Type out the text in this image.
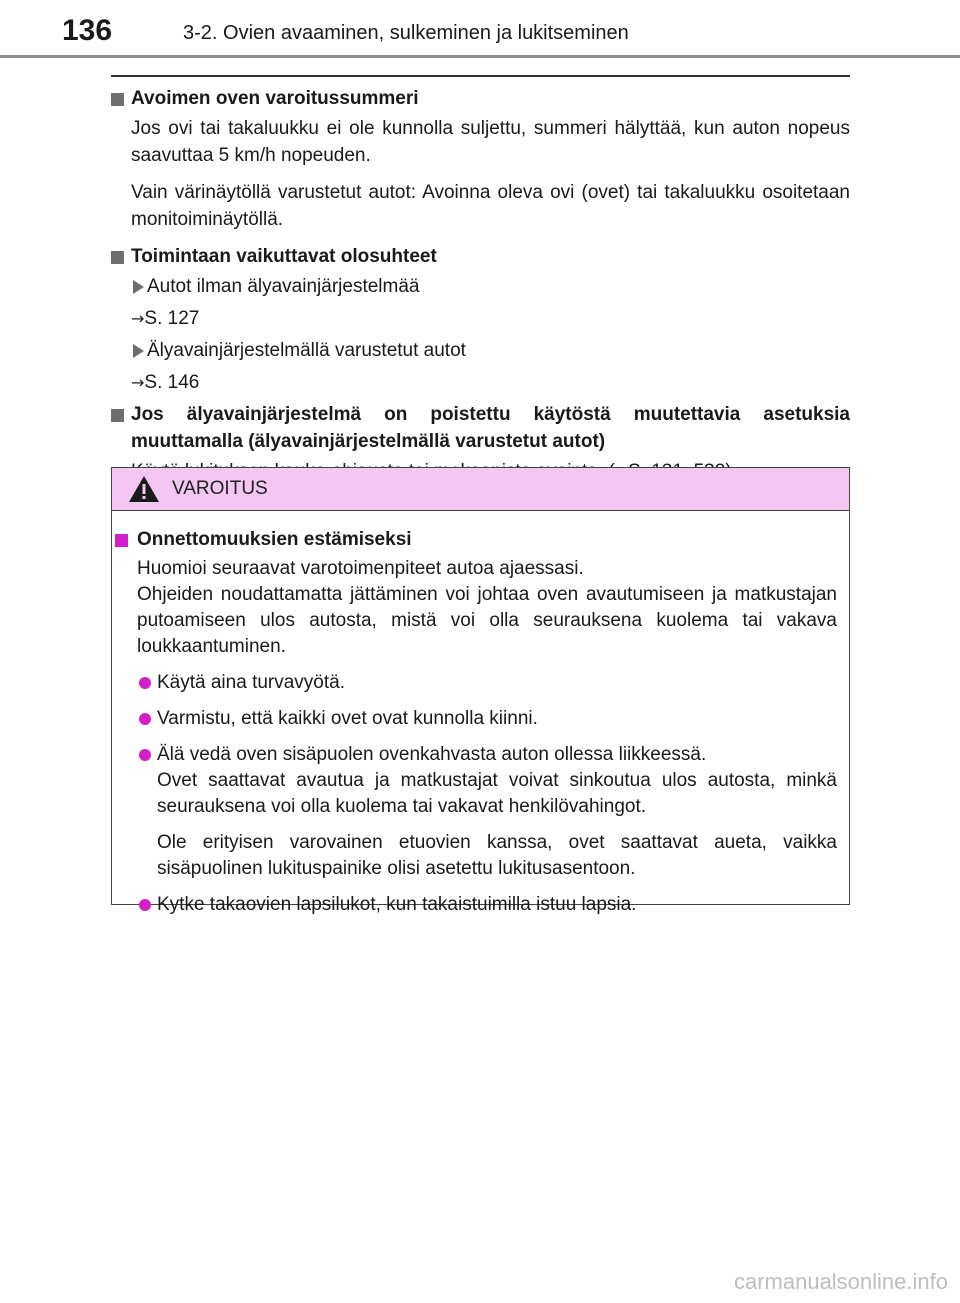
136	3-2. Ovien avaaminen, sulkeminen ja lukitseminen
Avoimen oven varoitussummeri
Jos ovi tai takaluukku ei ole kunnolla suljettu, summeri hälyttää, kun auton nopeus saavuttaa 5 km/h nopeuden.
Vain värinäytöllä varustetut autot: Avoinna oleva ovi (ovet) tai takaluukku osoitetaan monitoiminäytöllä.
Toimintaan vaikuttavat olosuhteet
Autot ilman älyavainjärjestelmää
→S. 127
Älyavainjärjestelmällä varustetut autot
→S. 146
Jos älyavainjärjestelmä on poistettu käytöstä muutettavia asetuksia muuttamalla (älyavainjärjestelmällä varustetut autot)
VAROITUS
Onnettomuuksien estämiseksi
Huomioi seuraavat varotoimenpiteet autoa ajaessasi.
Ohjeiden noudattamatta jättäminen voi johtaa oven avautumiseen ja matkustajan putoamiseen ulos autosta, mistä voi olla seurauksena kuolema tai vakava loukkaantuminen.
Käytä aina turvavyötä.
Varmistu, että kaikki ovet ovat kunnolla kiinni.
Älä vedä oven sisäpuolen ovenkahvasta auton ollessa liikkeessä.
Ovet saattavat avautua ja matkustajat voivat sinkoutua ulos autosta, minkä seurauksena voi olla kuolema tai vakavat henkilövahingot.
Ole erityisen varovainen etuovien kanssa, ovet saattavat aueta, vaikka sisäpuolinen lukituspainike olisi asetettu lukitusasentoon.
Kytke takaovien lapsilukot, kun takaistuimilla istuu lapsia.
carmanualsonline.info
